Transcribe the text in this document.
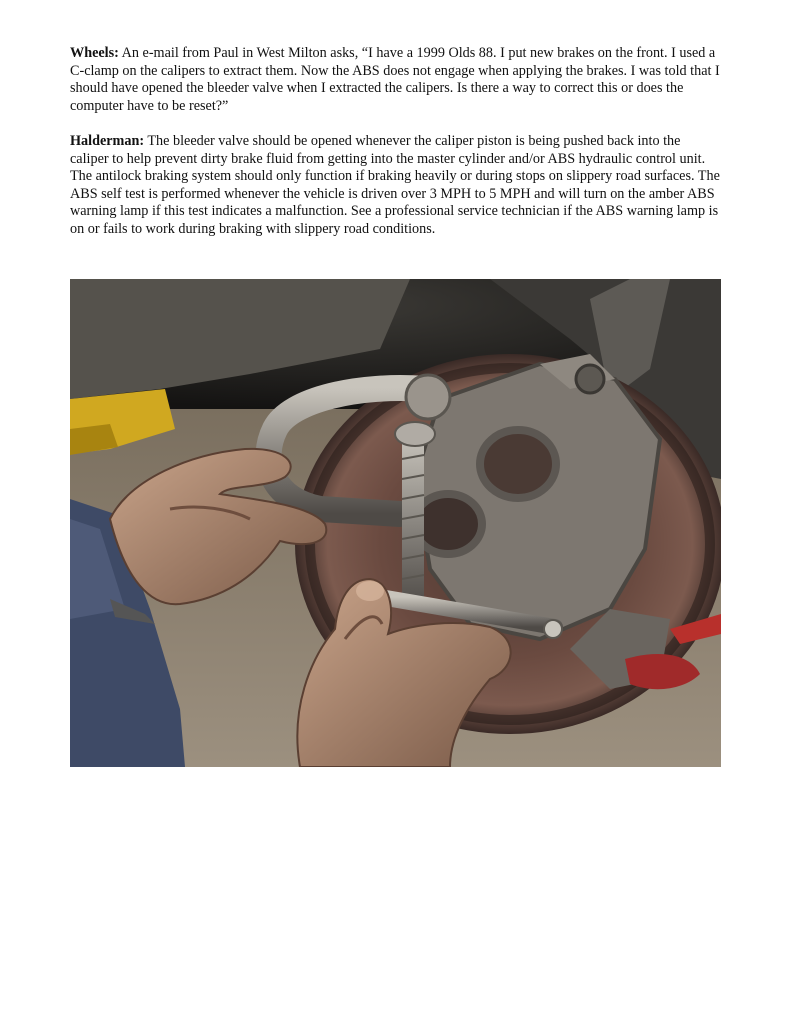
Wheels: An e-mail from Paul in West Milton asks, “I have a 1999 Olds 88. I put new brakes on the front. I used a C-clamp on the calipers to extract them. Now the ABS does not engage when applying the brakes. I was told that I should have opened the bleeder valve when I extracted the calipers. Is there a way to correct this or does the computer have to be reset?”

Halderman: The bleeder valve should be opened whenever the caliper piston is being pushed back into the caliper to help prevent dirty brake fluid from getting into the master cylinder and/or ABS hydraulic control unit. The antilock braking system should only function if braking heavily or during stops on slippery road surfaces. The ABS self test is performed whenever the vehicle is driven over 3 MPH to 5 MPH and will turn on the amber ABS warning lamp if this test indicates a malfunction. See a professional service technician if the ABS warning lamp is on or fails to work during braking with slippery road conditions.
